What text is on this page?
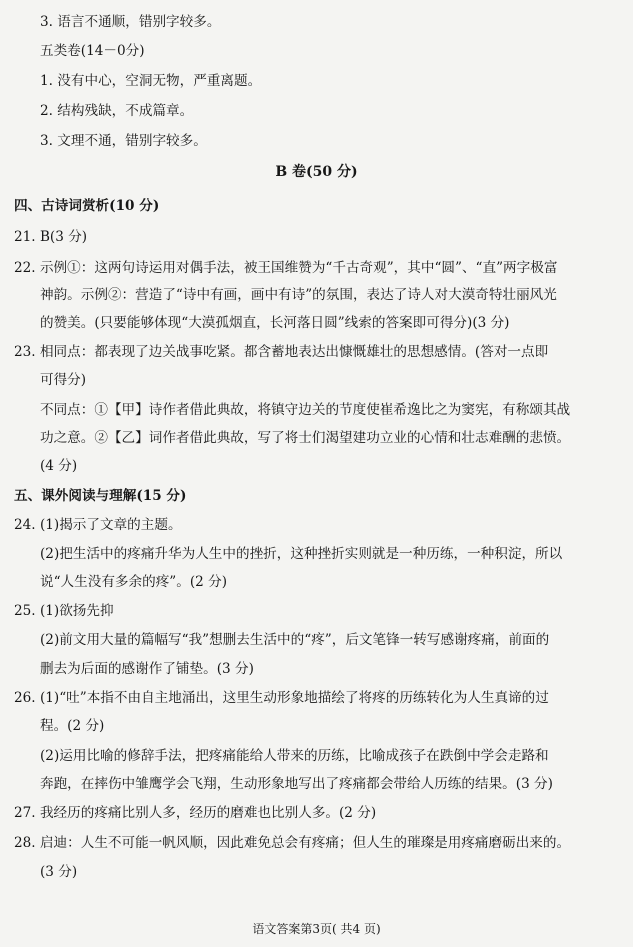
3. 语言不通顺，错别字较多。
五类卷(14－0分)
1. 没有中心，空洞无物，严重离题。
2. 结构残缺，不成篇章。
3. 文理不通，错别字较多。
B 卷(50 分)
四、古诗词赏析(10 分)
21. B(3 分)
22. 示例①：这两句诗运用对偶手法，被王国维赞为“千古奇观”，其中“圆”、“直”两字极富
神韵。示例②：营造了“诗中有画，画中有诗”的氛围，表达了诗人对大漠奇特壮丽风光
的赞美。(只要能够体现“大漠孤烟直，长河落日圆”线索的答案即可得分)(3 分)
23. 相同点：都表现了边关战事吃紧。都含蓄地表达出慷慨雄壮的思想感情。(答对一点即
可得分)
不同点：①【甲】诗作者借此典故，将镇守边关的节度使崔希逸比之为窦宪，有称颂其战
功之意。②【乙】词作者借此典故，写了将士们渴望建功立业的心情和壮志难酬的悲愤。
(4 分)
五、课外阅读与理解(15 分)
24. (1)揭示了文章的主题。
(2)把生活中的疼痛升华为人生中的挫折，这种挫折实则就是一种历练，一种积淀，所以
说“人生没有多余的疼”。(2 分)
25. (1)欲扬先抑
(2)前文用大量的篇幅写“我”想删去生活中的“疼”，后文笔锋一转写感谢疼痛，前面的
删去为后面的感谢作了铺垫。(3 分)
26. (1)“吐”本指不由自主地涌出，这里生动形象地描绘了将疼的历练转化为人生真谛的过
程。(2 分)
(2)运用比喻的修辞手法，把疼痛能给人带来的历练，比喻成孩子在跌倒中学会走路和
奔跑，在摔伤中雏鹰学会飞翔，生动形象地写出了疼痛都会带给人历练的结果。(3 分)
27. 我经历的疼痛比别人多，经历的磨难也比别人多。(2 分)
28. 启迪：人生不可能一帆风顺，因此难免总会有疼痛；但人生的璀璨是用疼痛磨砺出来的。
(3 分)
语文答案第3页( 共4 页)
